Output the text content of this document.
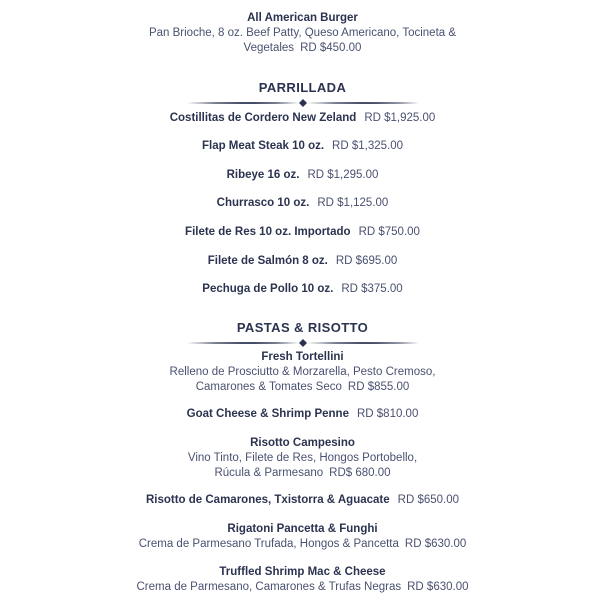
All American Burger
Pan Brioche, 8 oz. Beef Patty, Queso Americano, Tocineta &
Vegetales RD $450.00
PARRILLADA
Costillitas de Cordero New Zeland RD $1,925.00
Flap Meat Steak 10 oz. RD $1,325.00
Ribeye 16 oz. RD $1,295.00
Churrasco 10 oz. RD $1,125.00
Filete de Res 10 oz. Importado RD $750.00
Filete de Salmón 8 oz. RD $695.00
Pechuga de Pollo 10 oz. RD $375.00
PASTAS & RISOTTO
Fresh Tortellini
Relleno de Prosciutto & Morzarella, Pesto Cremoso,
Camarones & Tomates Seco RD $855.00
Goat Cheese & Shrimp Penne RD $810.00
Risotto Campesino
Vino Tinto, Filete de Res, Hongos Portobello,
Rúcula & Parmesano RD$ 680.00
Risotto de Camarones, Txistorra & Aguacate RD $650.00
Rigatoni Pancetta & Funghi
Crema de Parmesano Trufada, Hongos & Pancetta RD $630.00
Truffled Shrimp Mac & Cheese
Crema de Parmesano, Camarones & Trufas Negras RD $630.00
